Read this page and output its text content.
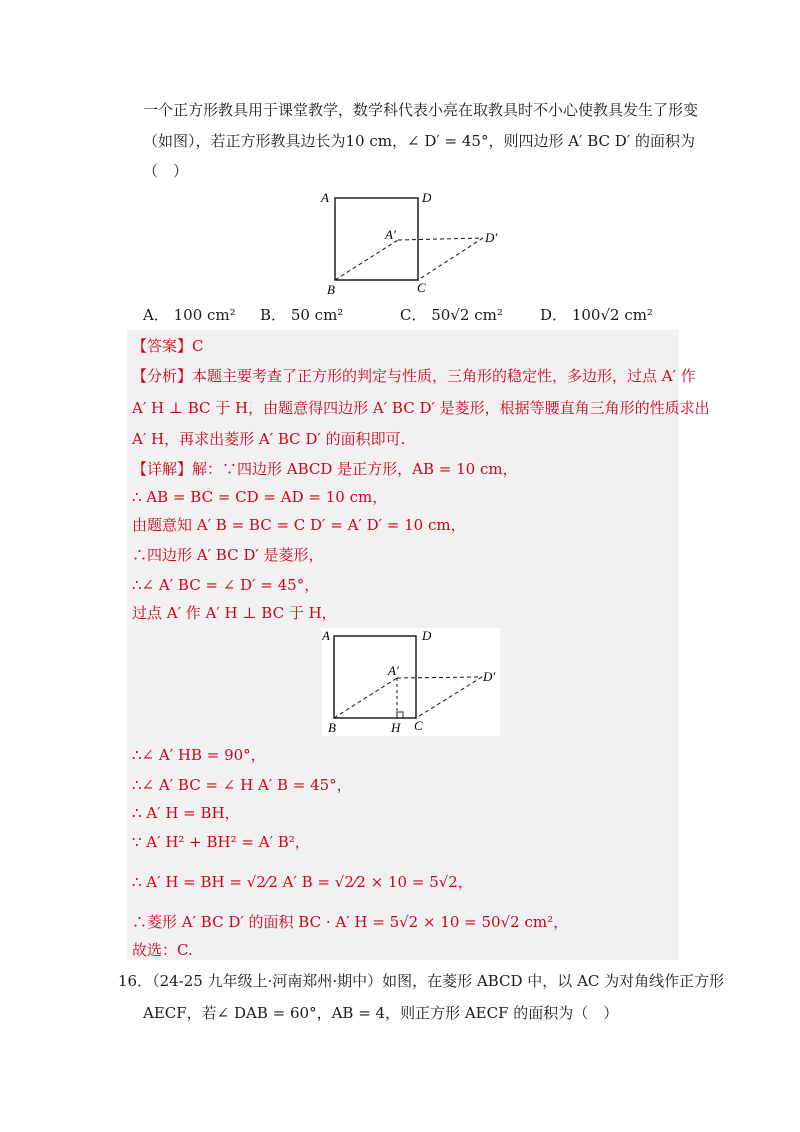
一个正方形教具用于课堂教学，数学科代表小亮在取教具时不小心使教具发生了形变
（如图），若正方形教具边长为10 cm，∠ D′ = 45°，则四边形 A′ BC D′ 的面积为
（　）
A	D
A′	D′
B	C
A． 100 cm² B． 50 cm²	C． 50√2 cm² D． 100√2 cm²
【答案】C
【分析】本题主要考查了正方形的判定与性质，三角形的稳定性，多边形，过点 A′ 作
A′ H ⊥ BC 于 H，由题意得四边形 A′ BC D′ 是菱形，根据等腰直角三角形的性质求出
A′ H，再求出菱形 A′ BC D′ 的面积即可.
【详解】解：∵四边形 ABCD 是正方形，AB = 10 cm，
∴ AB = BC = CD = AD = 10 cm，
由题意知 A′ B = BC = C D′ = A′ D′ = 10 cm，
∴四边形 A′ BC D′ 是菱形，
∴∠ A′ BC = ∠ D′ = 45°，
过点 A′ 作 A′ H ⊥ BC 于 H，
A	D
A′	D′
B	H C
∴∠ A′ HB = 90°，
∴∠ A′ BC = ∠ H A′ B = 45°，
∴ A′ H = BH，
∵ A′ H² + BH² = A′ B²，
∴ A′ H = BH = √2⁄2 A′ B = √2⁄2 × 10 = 5√2，
∴菱形 A′ BC D′ 的面积 BC · A′ H = 5√2 × 10 = 50√2 cm²，
故选：C.
16．（24-25 九年级上·河南郑州·期中）如图，在菱形 ABCD 中，以 AC 为对角线作正方形
AECF，若∠ DAB = 60°，AB = 4，则正方形 AECF 的面积为（　）
